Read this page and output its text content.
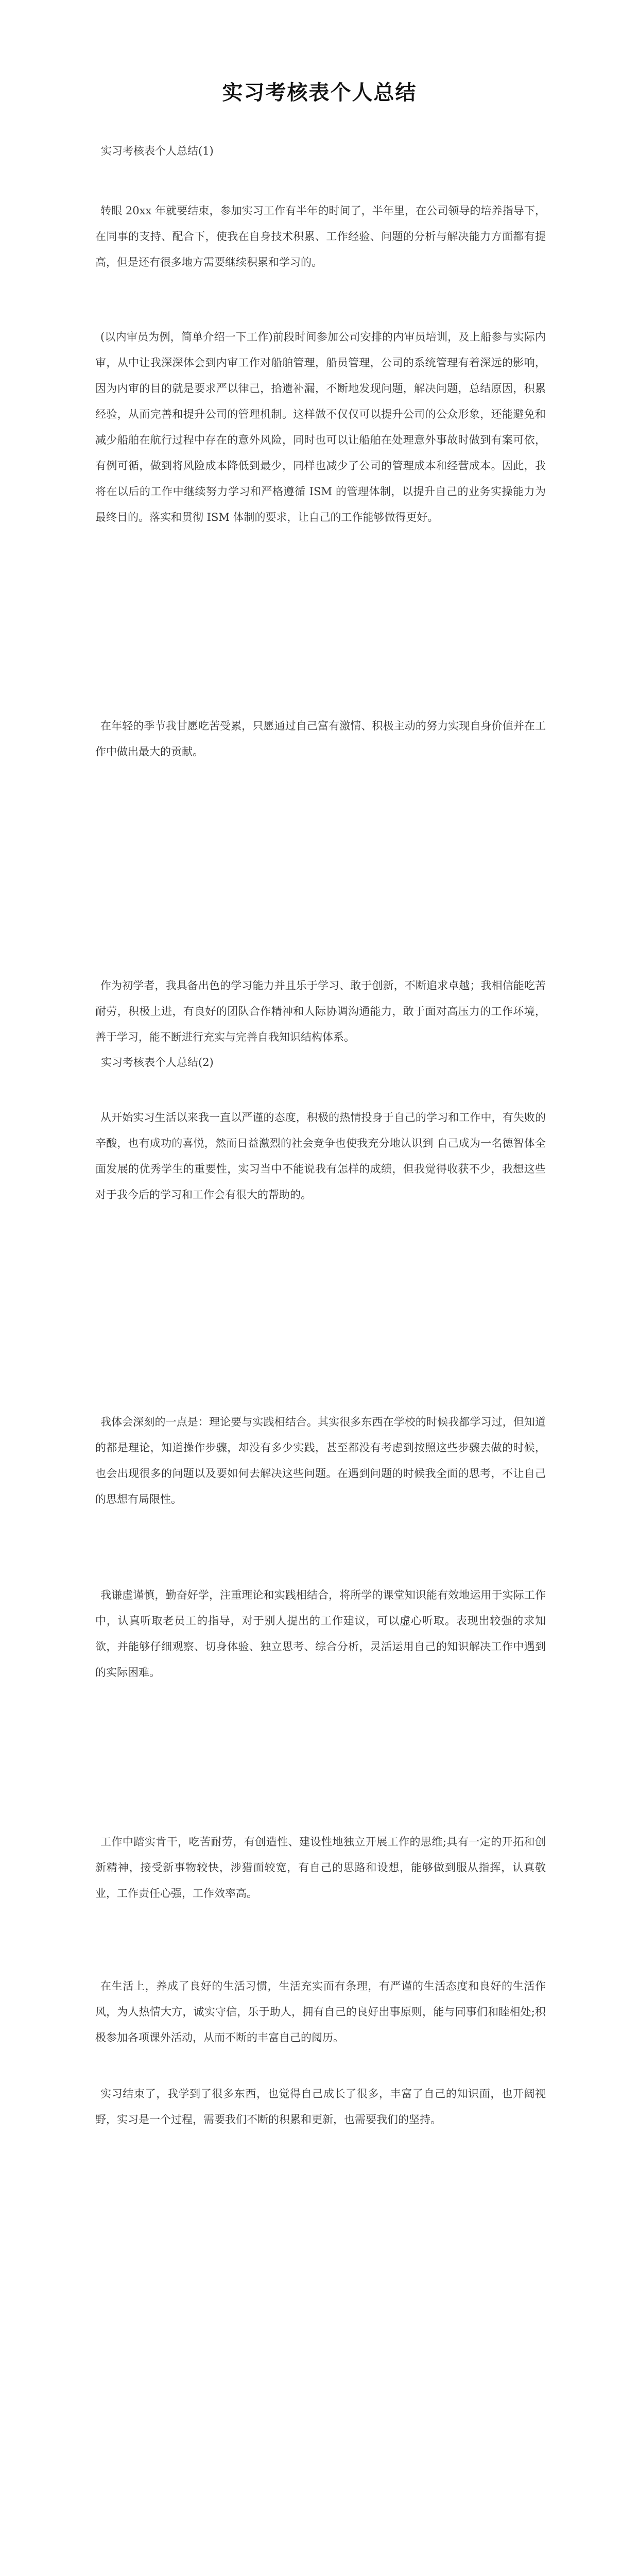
实习考核表个人总结
实习考核表个人总结(1)

转眼 20xx 年就要结束，参加实习工作有半年的时间了，半年里，在公司领导的培养指导下，在同事的支持、配合下，使我在自身技术积累、工作经验、问题的分析与解决能力方面都有提高，但是还有很多地方需要继续积累和学习的。

(以内审员为例，简单介绍一下工作)前段时间参加公司安排的内审员培训，及上船参与实际内审，从中让我深深体会到内审工作对船舶管理，船员管理，公司的系统管理有着深远的影响，因为内审的目的就是要求严以律己，拾遗补漏，不断地发现问题，解决问题，总结原因，积累经验，从而完善和提升公司的管理机制。这样做不仅仅可以提升公司的公众形象，还能避免和减少船舶在航行过程中存在的意外风险，同时也可以让船舶在处理意外事故时做到有案可依，有例可循，做到将风险成本降低到最少，同样也减少了公司的管理成本和经营成本。因此，我将在以后的工作中继续努力学习和严格遵循 ISM 的管理体制，以提升自己的业务实操能力为最终目的。落实和贯彻 ISM 体制的要求，让自己的工作能够做得更好。

在年轻的季节我甘愿吃苦受累，只愿通过自己富有激情、积极主动的努力实现自身价值并在工作中做出最大的贡献。

作为初学者，我具备出色的学习能力并且乐于学习、敢于创新，不断追求卓越；我相信能吃苦耐劳，积极上进，有良好的团队合作精神和人际协调沟通能力，敢于面对高压力的工作环境，善于学习，能不断进行充实与完善自我知识结构体系。

实习考核表个人总结(2)

从开始实习生活以来我一直以严谨的态度，积极的热情投身于自己的学习和工作中，有失败的辛酸，也有成功的喜悦，然而日益激烈的社会竞争也使我充分地认识到 自己成为一名德智体全面发展的优秀学生的重要性，实习当中不能说我有怎样的成绩，但我觉得收获不少，我想这些对于我今后的学习和工作会有很大的帮助的。

我体会深刻的一点是：理论要与实践相结合。其实很多东西在学校的时候我都学习过，但知道的都是理论，知道操作步骤，却没有多少实践，甚至都没有考虑到按照这些步骤去做的时候，也会出现很多的问题以及要如何去解决这些问题。在遇到问题的时候我全面的思考，不让自己的思想有局限性。

我谦虚谨慎，勤奋好学，注重理论和实践相结合，将所学的课堂知识能有效地运用于实际工作中，认真听取老员工的指导，对于别人提出的工作建议，可以虚心听取。表现出较强的求知欲，并能够仔细观察、切身体验、独立思考、综合分析，灵活运用自己的知识解决工作中遇到的实际困难。

工作中踏实肯干，吃苦耐劳，有创造性、建设性地独立开展工作的思维;具有一定的开拓和创新精神，接受新事物较快，涉猎面较宽，有自己的思路和设想，能够做到服从指挥，认真敬业，工作责任心强，工作效率高。

在生活上，养成了良好的生活习惯，生活充实而有条理，有严谨的生活态度和良好的生活作风，为人热情大方，诚实守信，乐于助人，拥有自己的良好出事原则，能与同事们和睦相处;积极参加各项课外活动，从而不断的丰富自己的阅历。

实习结束了，我学到了很多东西，也觉得自己成长了很多，丰富了自己的知识面，也开阔视野，实习是一个过程，需要我们不断的积累和更新，也需要我们的坚持。
